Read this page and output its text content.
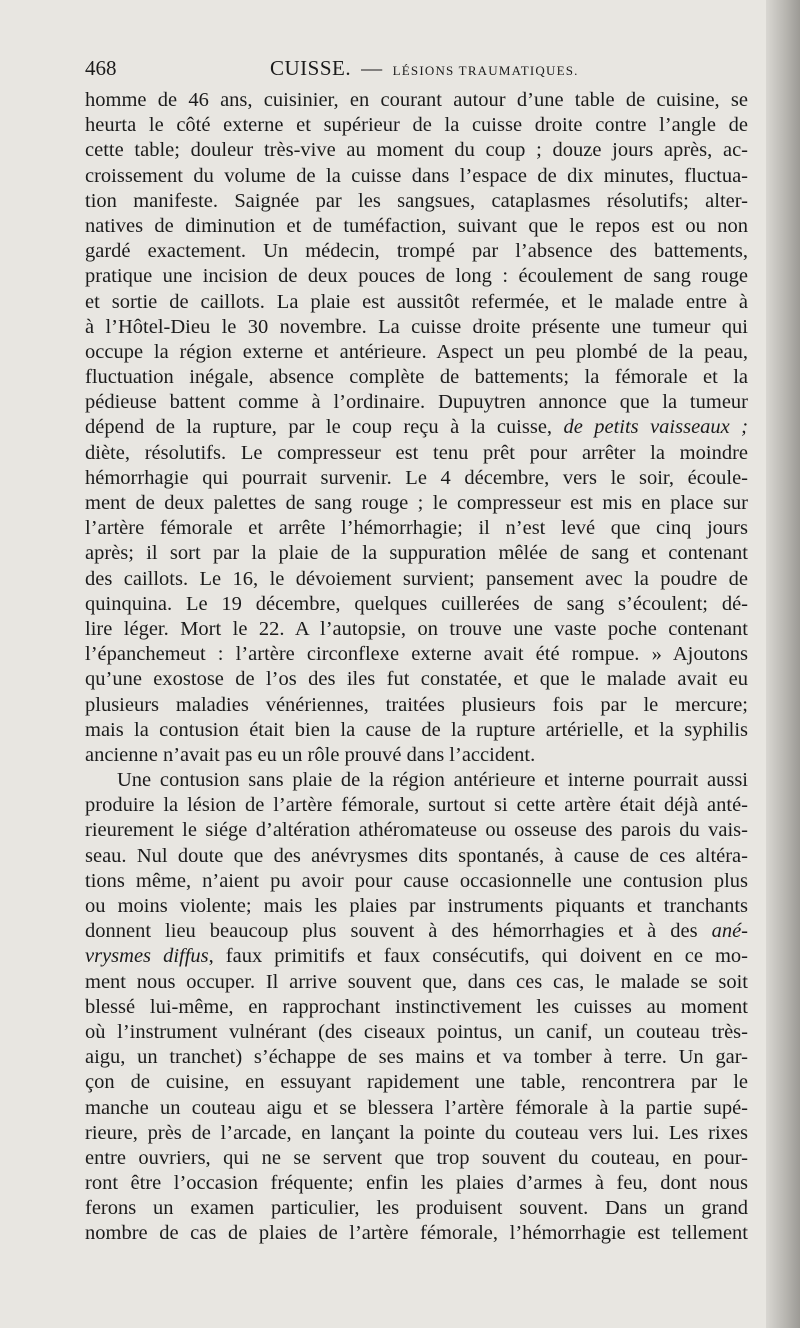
468	CUISSE. — LÉSIONS TRAUMATIQUES.
homme de 46 ans, cuisinier, en courant autour d’une table de cuisine, se
heurta le côté externe et supérieur de la cuisse droite contre l’angle de
cette table; douleur très-vive au moment du coup ; douze jours après, ac-
croissement du volume de la cuisse dans l’espace de dix minutes, fluctua-
tion manifeste. Saignée par les sangsues, cataplasmes résolutifs; alter-
natives de diminution et de tuméfaction, suivant que le repos est ou non
gardé exactement. Un médecin, trompé par l’absence des battements,
pratique une incision de deux pouces de long : écoulement de sang rouge
et sortie de caillots. La plaie est aussitôt refermée, et le malade entre à
à l’Hôtel-Dieu le 30 novembre. La cuisse droite présente une tumeur qui
occupe la région externe et antérieure. Aspect un peu plombé de la peau,
fluctuation inégale, absence complète de battements; la fémorale et la
pédieuse battent comme à l’ordinaire. Dupuytren annonce que la tumeur
dépend de la rupture, par le coup reçu à la cuisse, de petits vaisseaux ;
diète, résolutifs. Le compresseur est tenu prêt pour arrêter la moindre
hémorrhagie qui pourrait survenir. Le 4 décembre, vers le soir, écoule-
ment de deux palettes de sang rouge ; le compresseur est mis en place sur
l’artère fémorale et arrête l’hémorrhagie; il n’est levé que cinq jours
après; il sort par la plaie de la suppuration mêlée de sang et contenant
des caillots. Le 16, le dévoiement survient; pansement avec la poudre de
quinquina. Le 19 décembre, quelques cuillerées de sang s’écoulent; dé-
lire léger. Mort le 22. A l’autopsie, on trouve une vaste poche contenant
l’épanchemeut : l’artère circonflexe externe avait été rompue. » Ajoutons
qu’une exostose de l’os des iles fut constatée, et que le malade avait eu
plusieurs maladies vénériennes, traitées plusieurs fois par le mercure;
mais la contusion était bien la cause de la rupture artérielle, et la syphilis
ancienne n’avait pas eu un rôle prouvé dans l’accident.
Une contusion sans plaie de la région antérieure et interne pourrait aussi
produire la lésion de l’artère fémorale, surtout si cette artère était déjà anté-
rieurement le siége d’altération athéromateuse ou osseuse des parois du vais-
seau. Nul doute que des anévrysmes dits spontanés, à cause de ces altéra-
tions même, n’aient pu avoir pour cause occasionnelle une contusion plus
ou moins violente; mais les plaies par instruments piquants et tranchants
donnent lieu beaucoup plus souvent à des hémorrhagies et à des ané-
vrysmes diffus, faux primitifs et faux consécutifs, qui doivent en ce mo-
ment nous occuper. Il arrive souvent que, dans ces cas, le malade se soit
blessé lui-même, en rapprochant instinctivement les cuisses au moment
où l’instrument vulnérant (des ciseaux pointus, un canif, un couteau très-
aigu, un tranchet) s’échappe de ses mains et va tomber à terre. Un gar-
çon de cuisine, en essuyant rapidement une table, rencontrera par le
manche un couteau aigu et se blessera l’artère fémorale à la partie supé-
rieure, près de l’arcade, en lançant la pointe du couteau vers lui. Les rixes
entre ouvriers, qui ne se servent que trop souvent du couteau, en pour-
ront être l’occasion fréquente; enfin les plaies d’armes à feu, dont nous
ferons un examen particulier, les produisent souvent. Dans un grand
nombre de cas de plaies de l’artère fémorale, l’hémorrhagie est tellement
